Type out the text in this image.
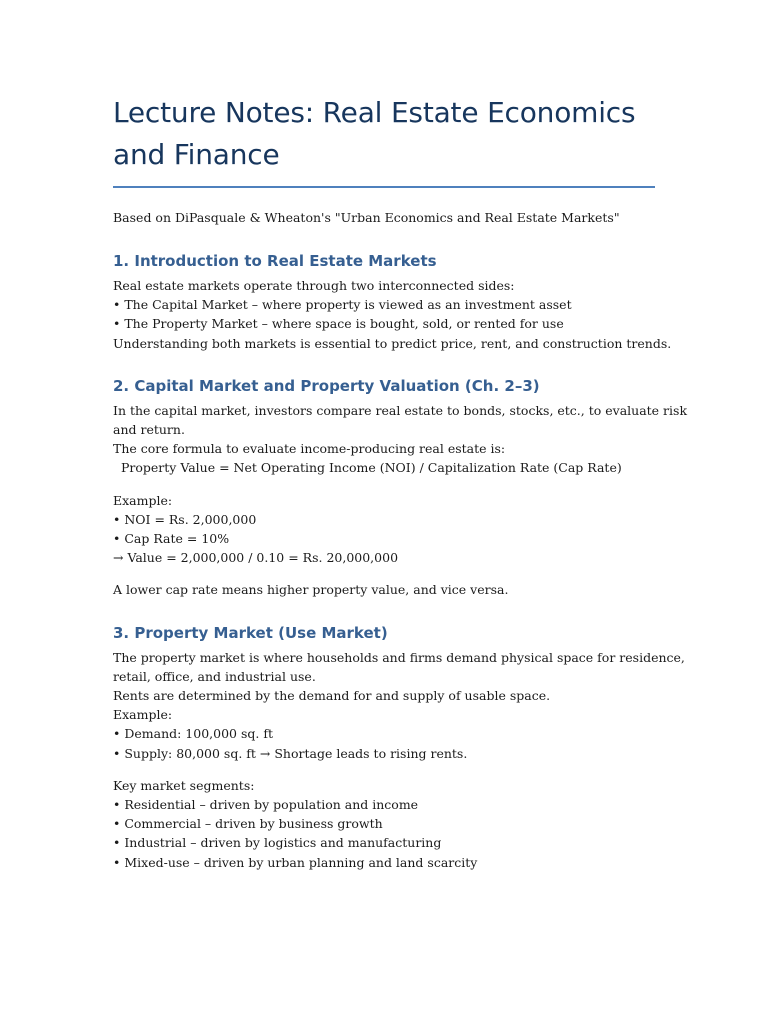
Lecture Notes: Real Estate Economics
and Finance

Based on DiPasquale & Wheaton's "Urban Economics and Real Estate Markets"

1. Introduction to Real Estate Markets

Real estate markets operate through two interconnected sides:

• The Capital Market – where property is viewed as an investment asset

• The Property Market – where space is bought, sold, or rented for use

Understanding both markets is essential to predict price, rent, and construction trends.

2. Capital Market and Property Valuation (Ch. 2–3)

In the capital market, investors compare real estate to bonds, stocks, etc., to evaluate risk

and return.

The core formula to evaluate income-producing real estate is:

Property Value = Net Operating Income (NOI) / Capitalization Rate (Cap Rate)

Example:

• NOI = Rs. 2,000,000

• Cap Rate = 10%

→ Value = 2,000,000 / 0.10 = Rs. 20,000,000

A lower cap rate means higher property value, and vice versa.

3. Property Market (Use Market)

The property market is where households and firms demand physical space for residence,

retail, office, and industrial use.

Rents are determined by the demand for and supply of usable space.

Example:

• Demand: 100,000 sq. ft

• Supply: 80,000 sq. ft → Shortage leads to rising rents.

Key market segments:

• Residential – driven by population and income

• Commercial – driven by business growth

• Industrial – driven by logistics and manufacturing

• Mixed-use – driven by urban planning and land scarcity
